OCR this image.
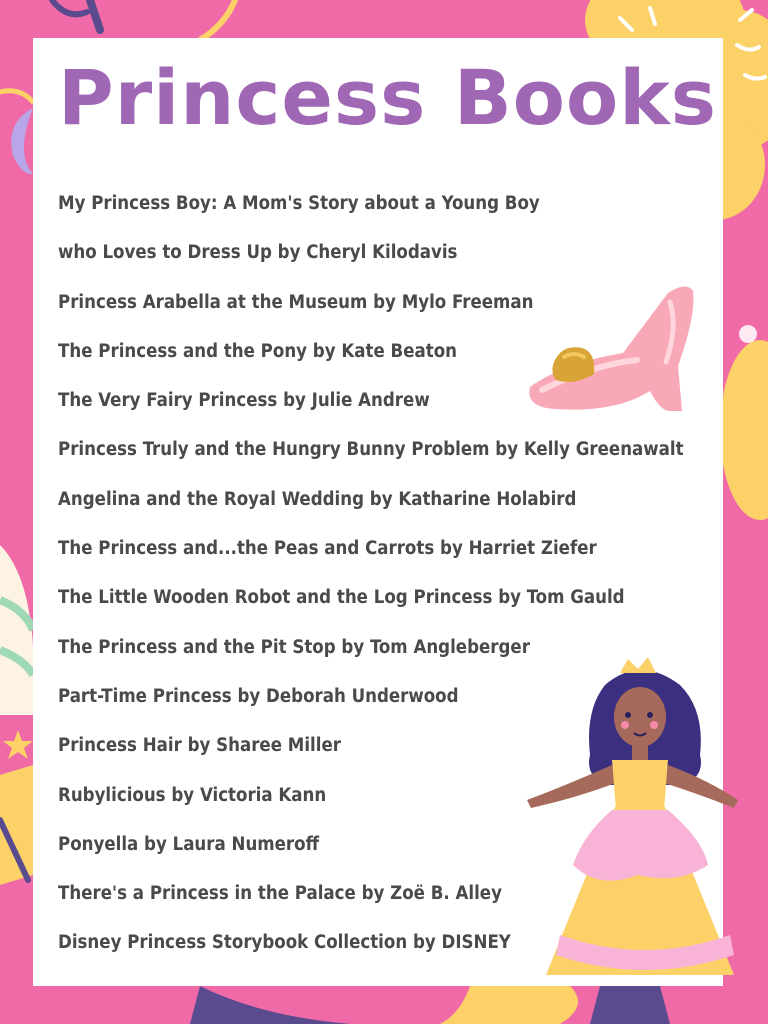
Princess Books
My Princess Boy: A Mom's Story about a Young Boy
who Loves to Dress Up by Cheryl Kilodavis
Princess Arabella at the Museum by Mylo Freeman
The Princess and the Pony by Kate Beaton
The Very Fairy Princess by Julie Andrew
Princess Truly and the Hungry Bunny Problem by Kelly Greenawalt
Angelina and the Royal Wedding by Katharine Holabird
The Princess and...the Peas and Carrots by Harriet Ziefer
The Little Wooden Robot and the Log Princess by Tom Gauld
The Princess and the Pit Stop by Tom Angleberger
Part-Time Princess by Deborah Underwood
Princess Hair by Sharee Miller
Rubylicious by Victoria Kann
Ponyella by Laura Numeroff
There's a Princess in the Palace by Zoë B. Alley
Disney Princess Storybook Collection by DISNEY
